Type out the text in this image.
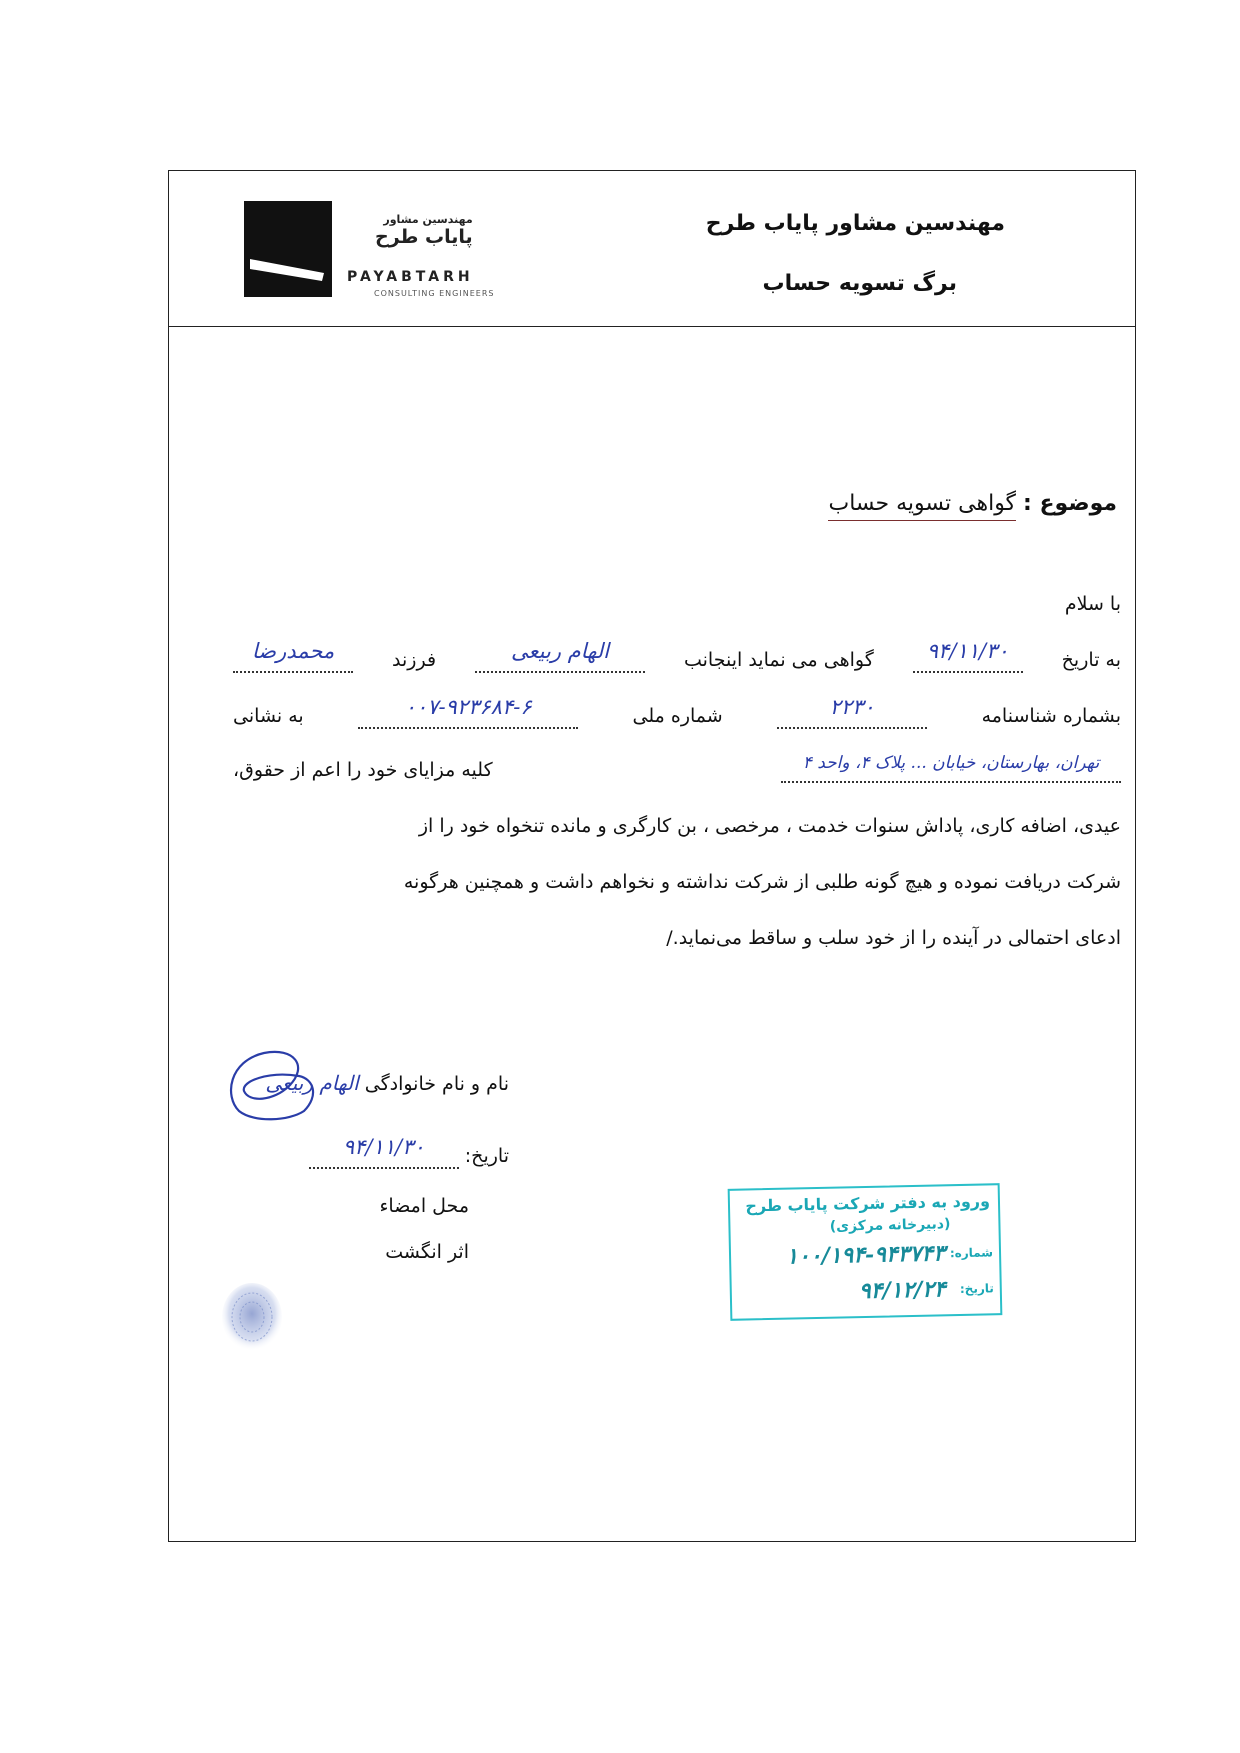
مهندسین مشاور پایاب طرح
برگ تسویه حساب
مهندسین مشاور
پایاب طرح
PAYABTARH
CONSULTING ENGINEERS
موضوع : گواهی تسویه حساب
با سلام
به تاریخ
۹۴/۱۱/۳۰
گواهی می نماید اینجانب
الهام ربیعی
فرزند
محمدرضا
بشماره شناسنامه
۲۲۳۰
شماره ملی
۰۰۷-۹۲۳۶۸۴-۶
به نشانی
تهران، بهارستان، خیابان ... پلاک ۴، واحد ۴
کلیه مزایای خود را اعم از حقوق،
عیدی، اضافه کاری، پاداش سنوات خدمت ، مرخصی ، بن کارگری و مانده تنخواه خود را از
شرکت دریافت نموده و هیچ گونه طلبی از شرکت نداشته و نخواهم داشت و همچنین هرگونه
ادعای احتمالی در آینده را از خود سلب و ساقط می‌نماید./
نام و نام خانوادگی الهام ربیعی
تاریخ: ۹۴/۱۱/۳۰
محل امضاء
اثر انگشت
ورود به دفتر شرکت پایاب طرح
(دبیرخانه مرکزی)
شماره:
۱۰۰/۱۹۴-۹۴۳۷۴۳
تاریخ:
۹۴/۱۲/۲۴
